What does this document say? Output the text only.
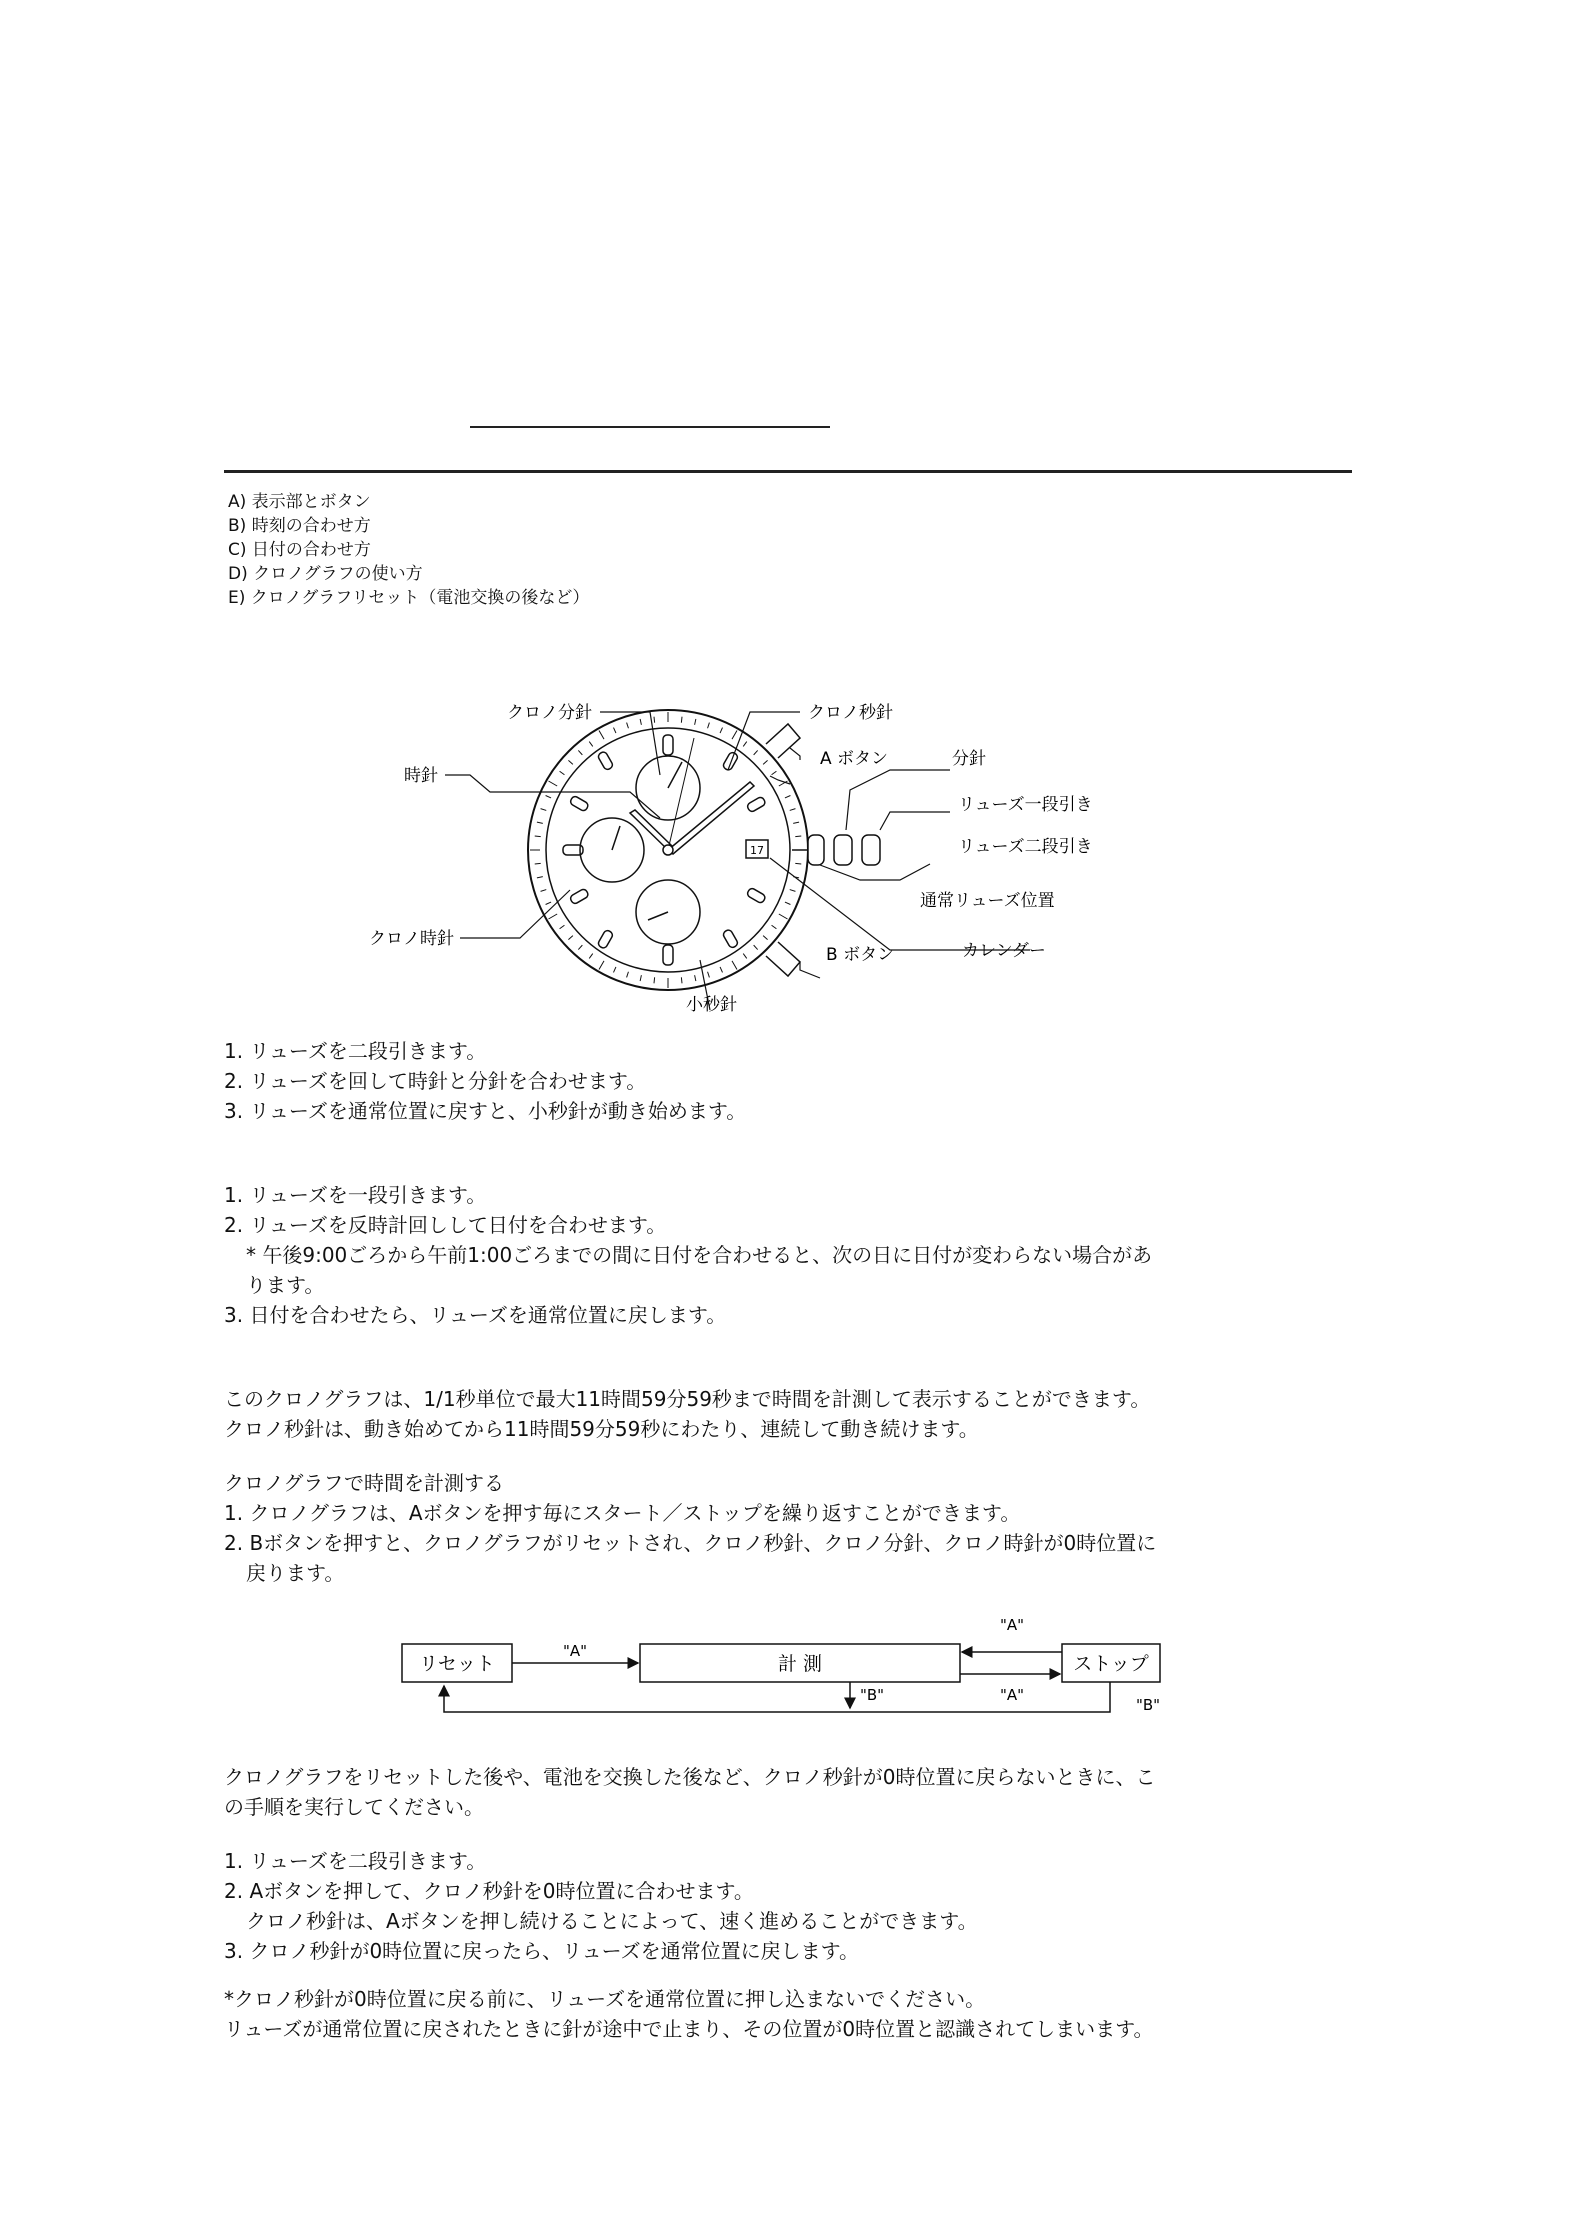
A) 表示部とボタン
B) 時刻の合わせ方
C) 日付の合わせ方
D) クロノグラフの使い方
E) クロノグラフリセット（電池交換の後など）
17
クロノ分針	クロノ秒針
時針
A ボタン	分針
リューズ一段引き
リューズ二段引き
通常リューズ位置
クロノ時針
B ボタン	カレンダー
小秒針
1. リューズを二段引きます。
2. リューズを回して時針と分針を合わせます。
3. リューズを通常位置に戻すと、小秒針が動き始めます。
1. リューズを一段引きます。
2. リューズを反時計回しして日付を合わせます。
* 午後9:00ごろから午前1:00ごろまでの間に日付を合わせると、次の日に日付が変わらない場合があ
ります。
3. 日付を合わせたら、リューズを通常位置に戻します。
このクロノグラフは、1/1秒単位で最大11時間59分59秒まで時間を計測して表示することができます。
クロノ秒針は、動き始めてから11時間59分59秒にわたり、連続して動き続けます。
クロノグラフで時間を計測する
1. クロノグラフは、Aボタンを押す毎にスタート／ストップを繰り返すことができます。
2. Bボタンを押すと、クロノグラフがリセットされ、クロノ秒針、クロノ分針、クロノ時針が0時位置に
戻ります。
リセット	計 測	ストップ
"A"
"A"
"A"
"B"
"B"
クロノグラフをリセットした後や、電池を交換した後など、クロノ秒針が0時位置に戻らないときに、こ
の手順を実行してください。
1. リューズを二段引きます。
2. Aボタンを押して、クロノ秒針を0時位置に合わせます。
クロノ秒針は、Aボタンを押し続けることによって、速く進めることができます。
3. クロノ秒針が0時位置に戻ったら、リューズを通常位置に戻します。
*クロノ秒針が0時位置に戻る前に、リューズを通常位置に押し込まないでください。
リューズが通常位置に戻されたときに針が途中で止まり、その位置が0時位置と認識されてしまいます。
